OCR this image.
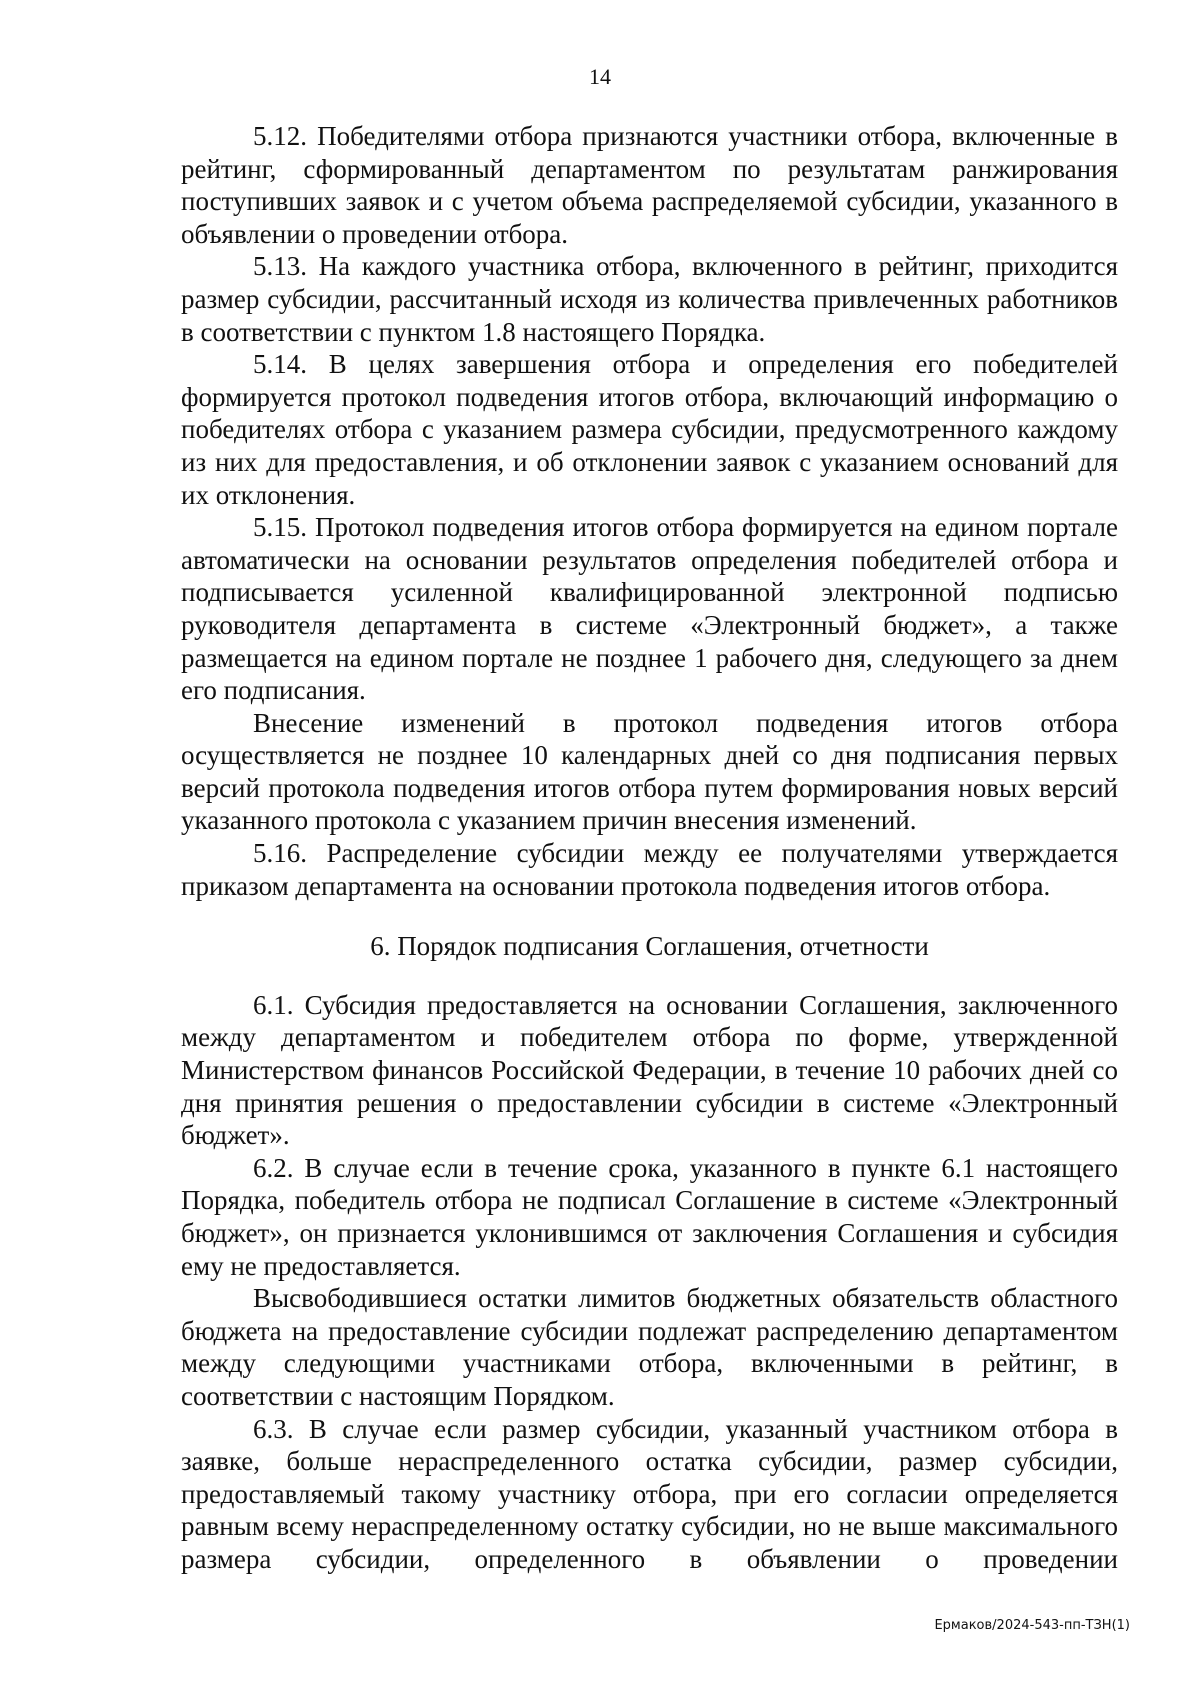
14

5.12. Победителями отбора признаются участники отбора, включенные в рейтинг, сформированный департаментом по результатам ранжирования поступивших заявок и с учетом объема распределяемой субсидии, указанного в объявлении о проведении отбора.

5.13. На каждого участника отбора, включенного в рейтинг, приходится размер субсидии, рассчитанный исходя из количества привлеченных работников в соответствии с пунктом 1.8 настоящего Порядка.

5.14. В целях завершения отбора и определения его победителей формируется протокол подведения итогов отбора, включающий информацию о победителях отбора с указанием размера субсидии, предусмотренного каждому из них для предоставления, и об отклонении заявок с указанием оснований для их отклонения.

5.15. Протокол подведения итогов отбора формируется на едином портале автоматически на основании результатов определения победителей отбора и подписывается усиленной квалифицированной электронной подписью руководителя департамента в системе «Электронный бюджет», а также размещается на едином портале не позднее 1 рабочего дня, следующего за днем его подписания.

Внесение изменений в протокол подведения итогов отбора осуществляется не позднее 10 календарных дней со дня подписания первых версий протокола подведения итогов отбора путем формирования новых версий указанного протокола с указанием причин внесения изменений.

5.16. Распределение субсидии между ее получателями утверждается приказом департамента на основании протокола подведения итогов отбора.

6. Порядок подписания Соглашения, отчетности

6.1. Субсидия предоставляется на основании Соглашения, заключенного между департаментом и победителем отбора по форме, утвержденной Министерством финансов Российской Федерации, в течение 10 рабочих дней со дня принятия решения о предоставлении субсидии в системе «Электронный бюджет».

6.2. В случае если в течение срока, указанного в пункте 6.1 настоящего Порядка, победитель отбора не подписал Соглашение в системе «Электронный бюджет», он признается уклонившимся от заключения Соглашения и субсидия ему не предоставляется.

Высвободившиеся остатки лимитов бюджетных обязательств областного бюджета на предоставление субсидии подлежат распределению департаментом между следующими участниками отбора, включенными в рейтинг, в соответствии с настоящим Порядком.

6.3. В случае если размер субсидии, указанный участником отбора в заявке, больше нераспределенного остатка субсидии, размер субсидии, предоставляемый такому участнику отбора, при его согласии определяется равным всему нераспределенному остатку субсидии, но не выше максимального размера субсидии, определенного в объявлении о проведении

Ермаков/2024-543-пп-ТЗН(1)
